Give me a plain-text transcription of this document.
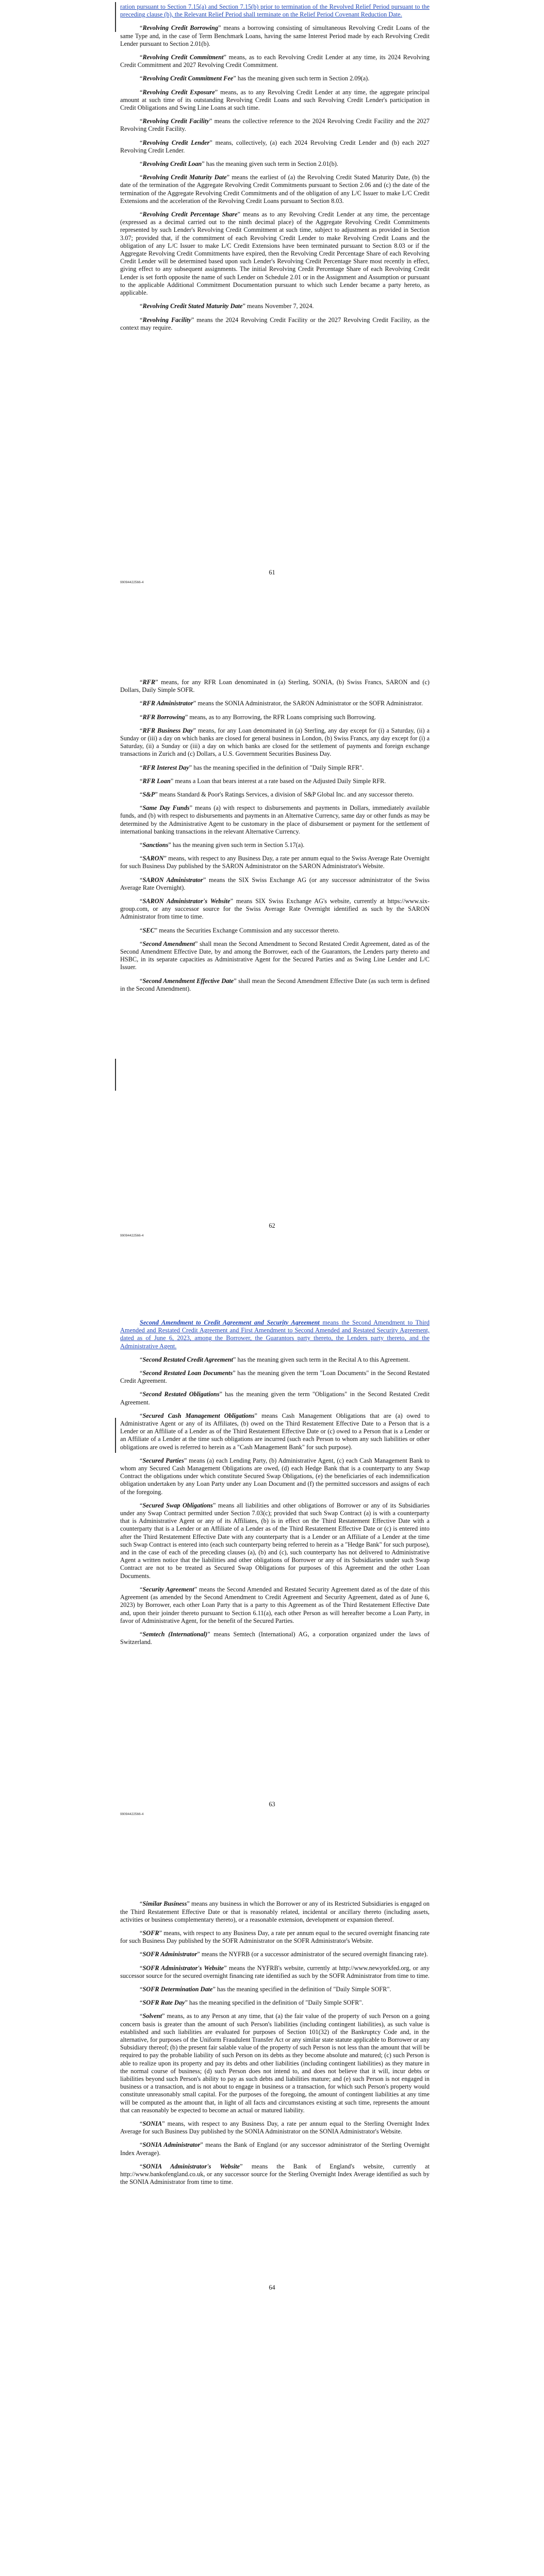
ration pursuant to Section 7.15(a) and Section 7.15(b) prior to termination of the Revolved Relief Period pursuant to the preceding clause (b), the Relevant Relief Period shall terminate on the Relief Period Covenant Reduction Date.

“Revolving Credit Borrowing” means a borrowing consisting of simultaneous Revolving Credit Loans of the same Type and, in the case of Term Benchmark Loans, having the same Interest Period made by each Revolving Credit Lender pursuant to Section 2.01(b).

“Revolving Credit Commitment” means, as to each Revolving Credit Lender at any time, its 2024 Revolving Credit Commitment and 2027 Revolving Credit Commitment.

“Revolving Credit Commitment Fee” has the meaning given such term in Section 2.09(a).

“Revolving Credit Exposure” means, as to any Revolving Credit Lender at any time, the aggregate principal amount at such time of its outstanding Revolving Credit Loans and such Revolving Credit Lender's participation in Credit Obligations and Swing Line Loans at such time.

“Revolving Credit Facility” means the collective reference to the 2024 Revolving Credit Facility and the 2027 Revolving Credit Facility.

“Revolving Credit Lender” means, collectively, (a) each 2024 Revolving Credit Lender and (b) each 2027 Revolving Credit Lender.

“Revolving Credit Loan” has the meaning given such term in Section 2.01(b).

“Revolving Credit Maturity Date” means the earliest of (a) the Revolving Credit Stated Maturity Date, (b) the date of the termination of the Aggregate Revolving Credit Commitments pursuant to Section 2.06 and (c) the date of the termination of the Aggregate Revolving Credit Commitments and of the obligation of any L/C Issuer to make L/C Credit Extensions and the acceleration of the Revolving Credit Loans pursuant to Section 8.03.

“Revolving Credit Percentage Share” means as to any Revolving Credit Lender at any time, the percentage (expressed as a decimal carried out to the ninth decimal place) of the Aggregate Revolving Credit Commitments represented by such Lender's Revolving Credit Commitment at such time, subject to adjustment as provided in Section 3.07; provided that, if the commitment of each Revolving Credit Lender to make Revolving Credit Loans and the obligation of any L/C Issuer to make L/C Credit Extensions have been terminated pursuant to Section 8.03 or if the Aggregate Revolving Credit Commitments have expired, then the Revolving Credit Percentage Share of each Revolving Credit Lender will be determined based upon such Lender's Revolving Credit Percentage Share most recently in effect, giving effect to any subsequent assignments. The initial Revolving Credit Percentage Share of each Revolving Credit Lender is set forth opposite the name of such Lender on Schedule 2.01 or in the Assignment and Assumption or pursuant to the applicable Additional Commitment Documentation pursuant to which such Lender became a party hereto, as applicable.

“Revolving Credit Stated Maturity Date” means November 7, 2024.

“Revolving Facility” means the 2024 Revolving Credit Facility or the 2027 Revolving Credit Facility, as the context may require.

61
99094422566-4

“RFR” means, for any RFR Loan denominated in (a) Sterling, SONIA, (b) Swiss Francs, SARON and (c) Dollars, Daily Simple SOFR.

“RFR Administrator” means the SONIA Administrator, the SARON Administrator or the SOFR Administrator.

“RFR Borrowing” means, as to any Borrowing, the RFR Loans comprising such Borrowing.

“RFR Business Day” means, for any Loan denominated in (a) Sterling, any day except for (i) a Saturday, (ii) a Sunday or (iii) a day on which banks are closed for general business in London, (b) Swiss Francs, any day except for (i) a Saturday, (ii) a Sunday or (iii) a day on which banks are closed for the settlement of payments and foreign exchange transactions in Zurich and (c) Dollars, a U.S. Government Securities Business Day.

“RFR Interest Day” has the meaning specified in the definition of "Daily Simple RFR".

“RFR Loan” means a Loan that bears interest at a rate based on the Adjusted Daily Simple RFR.

“S&P” means Standard & Poor's Ratings Services, a division of S&P Global Inc. and any successor thereto.

“Same Day Funds” means (a) with respect to disbursements and payments in Dollars, immediately available funds, and (b) with respect to disbursements and payments in an Alternative Currency, same day or other funds as may be determined by the Administrative Agent to be customary in the place of disbursement or payment for the settlement of international banking transactions in the relevant Alternative Currency.

“Sanctions” has the meaning given such term in Section 5.17(a).

“SARON” means, with respect to any Business Day, a rate per annum equal to the Swiss Average Rate Overnight for such Business Day published by the SARON Administrator on the SARON Administrator's Website.

“SARON Administrator” means the SIX Swiss Exchange AG (or any successor administrator of the Swiss Average Rate Overnight).

“SARON Administrator's Website” means SIX Swiss Exchange AG's website, currently at https://www.six-group.com, or any successor source for the Swiss Average Rate Overnight identified as such by the SARON Administrator from time to time.

“SEC” means the Securities Exchange Commission and any successor thereto.

“Second Amendment” shall mean the Second Amendment to Second Restated Credit Agreement, dated as of the Second Amendment Effective Date, by and among the Borrower, each of the Guarantors, the Lenders party thereto and HSBC, in its separate capacities as Administrative Agent for the Secured Parties and as Swing Line Lender and L/C Issuer.

“Second Amendment Effective Date” shall mean the Second Amendment Effective Date (as such term is defined in the Second Amendment).

62
99094422566-4

Second Amendment to Credit Agreement and Security Agreement means the Second Amendment to Third Amended and Restated Credit Agreement and First Amendment to Second Amended and Restated Security Agreement, dated as of June 6, 2023, among the Borrower, the Guarantors party thereto, the Lenders party thereto, and the Administrative Agent.

“Second Restated Credit Agreement” has the meaning given such term in the Recital A to this Agreement.

“Second Restated Loan Documents” has the meaning given the term "Loan Documents" in the Second Restated Credit Agreement.

“Second Restated Obligations” has the meaning given the term "Obligations" in the Second Restated Credit Agreement.

“Secured Cash Management Obligations” means Cash Management Obligations that are (a) owed to Administrative Agent or any of its Affiliates, (b) owed on the Third Restatement Effective Date to a Person that is a Lender or an Affiliate of a Lender as of the Third Restatement Effective Date or (c) owed to a Person that is a Lender or an Affiliate of a Lender at the time such obligations are incurred (such each Person to whom any such liabilities or other obligations are owed is referred to herein as a "Cash Management Bank" for such purpose).

“Secured Parties” means (a) each Lending Party, (b) Administrative Agent, (c) each Cash Management Bank to whom any Secured Cash Management Obligations are owed, (d) each Hedge Bank that is a counterparty to any Swap Contract the obligations under which constitute Secured Swap Obligations, (e) the beneficiaries of each indemnification obligation undertaken by any Loan Party under any Loan Document and (f) the permitted successors and assigns of each of the foregoing.

“Secured Swap Obligations” means all liabilities and other obligations of Borrower or any of its Subsidiaries under any Swap Contract permitted under Section 7.03(c); provided that such Swap Contract (a) is with a counterparty that is Administrative Agent or any of its Affiliates, (b) is in effect on the Third Restatement Effective Date with a counterparty that is a Lender or an Affiliate of a Lender as of the Third Restatement Effective Date or (c) is entered into after the Third Restatement Effective Date with any counterparty that is a Lender or an Affiliate of a Lender at the time such Swap Contract is entered into (each such counterparty being referred to herein as a "Hedge Bank" for such purpose), and in the case of each of the preceding clauses (a), (b) and (c), such counterparty has not delivered to Administrative Agent a written notice that the liabilities and other obligations of Borrower or any of its Subsidiaries under such Swap Contract are not to be treated as Secured Swap Obligations for purposes of this Agreement and the other Loan Documents.

“Security Agreement” means the Second Amended and Restated Security Agreement dated as of the date of this Agreement (as amended by the Second Amendment to Credit Agreement and Security Agreement, dated as of June 6, 2023) by Borrower, each other Loan Party that is a party to this Agreement as of the Third Restatement Effective Date and, upon their joinder thereto pursuant to Section 6.11(a), each other Person as will hereafter become a Loan Party, in favor of Administrative Agent, for the benefit of the Secured Parties.

“Semtech (International)” means Semtech (International) AG, a corporation organized under the laws of Switzerland.

63
99094422566-4

“Similar Business” means any business in which the Borrower or any of its Restricted Subsidiaries is engaged on the Third Restatement Effective Date or that is reasonably related, incidental or ancillary thereto (including assets, activities or business complementary thereto), or a reasonable extension, development or expansion thereof.

“SOFR” means, with respect to any Business Day, a rate per annum equal to the secured overnight financing rate for such Business Day published by the SOFR Administrator on the SOFR Administrator's Website.

“SOFR Administrator” means the NYFRB (or a successor administrator of the secured overnight financing rate).

“SOFR Administrator's Website” means the NYFRB's website, currently at http://www.newyorkfed.org, or any successor source for the secured overnight financing rate identified as such by the SOFR Administrator from time to time.

“SOFR Determination Date” has the meaning specified in the definition of "Daily Simple SOFR".

“SOFR Rate Day” has the meaning specified in the definition of "Daily Simple SOFR".

“Solvent” means, as to any Person at any time, that (a) the fair value of the property of such Person on a going concern basis is greater than the amount of such Person's liabilities (including contingent liabilities), as such value is established and such liabilities are evaluated for purposes of Section 101(32) of the Bankruptcy Code and, in the alternative, for purposes of the Uniform Fraudulent Transfer Act or any similar state statute applicable to Borrower or any Subsidiary thereof; (b) the present fair salable value of the property of such Person is not less than the amount that will be required to pay the probable liability of such Person on its debts as they become absolute and matured; (c) such Person is able to realize upon its property and pay its debts and other liabilities (including contingent liabilities) as they mature in the normal course of business; (d) such Person does not intend to, and does not believe that it will, incur debts or liabilities beyond such Person's ability to pay as such debts and liabilities mature; and (e) such Person is not engaged in business or a transaction, and is not about to engage in business or a transaction, for which such Person's property would constitute unreasonably small capital. For the purposes of the foregoing, the amount of contingent liabilities at any time will be computed as the amount that, in light of all facts and circumstances existing at such time, represents the amount that can reasonably be expected to become an actual or matured liability.

“SONIA” means, with respect to any Business Day, a rate per annum equal to the Sterling Overnight Index Average for such Business Day published by the SONIA Administrator on the SONIA Administrator's Website.

“SONIA Administrator” means the Bank of England (or any successor administrator of the Sterling Overnight Index Average).

“SONIA Administrator's Website” means the Bank of England's website, currently at http://www.bankofengland.co.uk, or any successor source for the Sterling Overnight Index Average identified as such by the SONIA Administrator from time to time.

64
